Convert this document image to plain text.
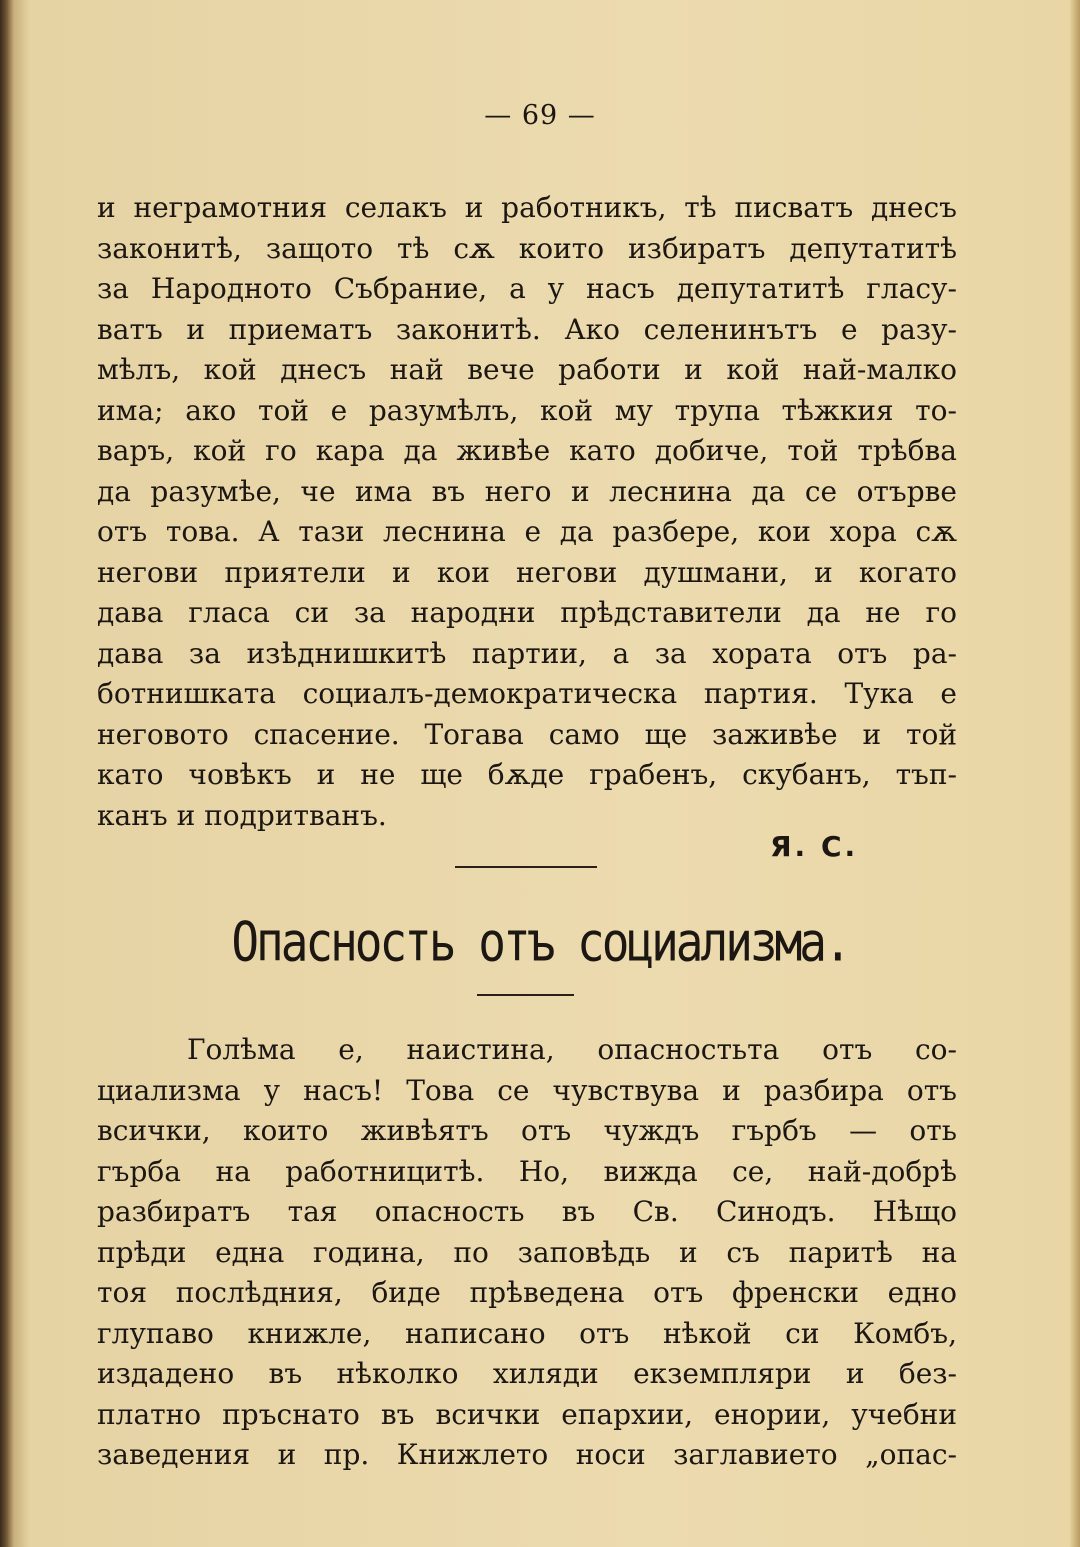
— 69 —
и неграмотния селакъ и работникъ, тѣ писватъ днесъ
законитѣ, защото тѣ сѫ които избиратъ депутатитѣ
за Народното Събрание, а у насъ депутатитѣ гласу-
ватъ и приематъ законитѣ. Ако селенинътъ е разу-
мѣлъ, кой днесъ най вече работи и кой най-малко
има; ако той е разумѣлъ, кой му трупа тѣжкия то-
варъ, кой го кара да живѣе като добиче, той трѣбва
да разумѣе, че има въ него и леснина да се отърве
отъ това. А тази леснина е да разбере, кои хора сѫ
негови приятели и кои негови душмани, и когато
дава гласа си за народни прѣдставители да не го
дава за изѣднишкитѣ партии, а за хората отъ ра-
ботнишката социалъ-демократическа партия. Тука е
неговото спасение. Тогава само ще заживѣе и той
като човѣкъ и не ще бѫде грабенъ, скубанъ, тъп-
канъ и подритванъ.
Я. С.
Опасность отъ социализма.
Голѣма е, наистина, опасностьта отъ со-
циализма у насъ! Това се чувствува и разбира отъ
всички, които живѣятъ отъ чуждъ гърбъ — оть
гърба на работницитѣ. Но, вижда се, най-добрѣ
разбиратъ тая опасность въ Св. Синодъ. Нѣщо
прѣди една година, по заповѣдь и съ паритѣ на
тоя послѣдния, биде прѣведена отъ френски едно
глупаво книжле, написано отъ нѣкой си Комбъ,
издадено въ нѣколко хиляди екземпляри и без-
платно пръснато въ всички епархии, енории, учебни
заведения и пр. Книжлето носи заглавието „опас-
